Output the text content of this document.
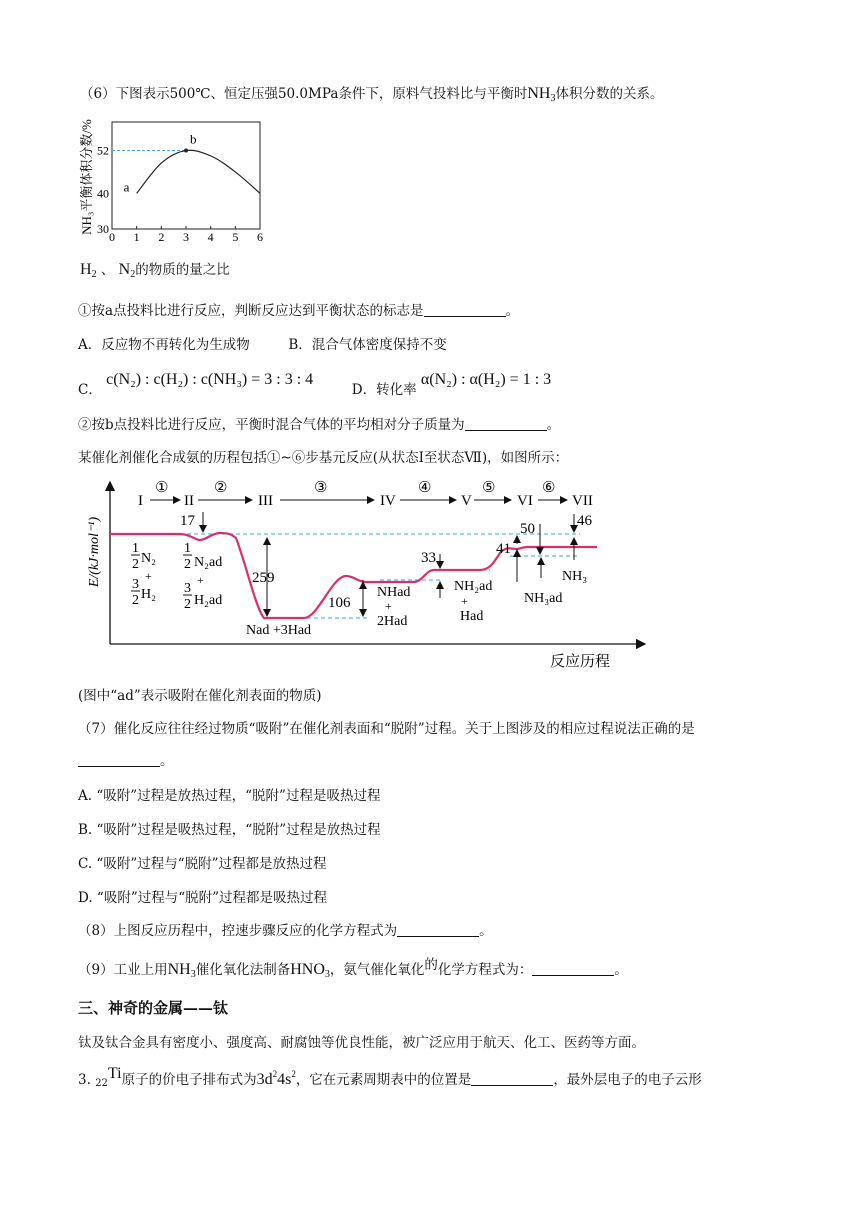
（6）下图表示500℃、恒定压强50.0MPa条件下，原料气投料比与平衡时$NH_3$体积分数的关系。
NH₃平衡体积分数/%
0 1 2 3 4 5 6
30
40
52
a
b
$H_2$ 、 $N_2$的物质的量之比
①按a点投料比进行反应，判断反应达到平衡状态的标志是	。
A．反应物不再转化为生成物	B．混合气体密度保持不变
C． c(N₂) : c(H₂) : c(NH₃) = 3 : 3 : 4  D．转化率 α(N₂) : α(H₂) = 1 : 3
②按b点投料比进行反应，平衡时混合气体的平均相对分子质量为	。
某催化剂催化合成氨的历程包括①~⑥步基元反应(从状态Ⅰ至状态Ⅶ)，如图所示：
E/(kJ·mol⁻¹)
反应历程
I	II	III	IV	V	VI	VII
①	②	③	④	⑤	⑥
17
259
106
33
41
50	46
1
2 N₂
+
3
2 H₂
1
2 N₂ad
+
3
2 H₂ad
Nad +3Had
NHad
+
2Had
NH₂ad
+
Had
NH₃ad
NH₃
(图中“ad”表示吸附在催化剂表面的物质)
（7）催化反应往往经过物质“吸附”在催化剂表面和“脱附”过程。关于上图涉及的相应过程说法正确的是
。
A. “吸附”过程是放热过程，“脱附”过程是吸热过程
B. “吸附”过程是吸热过程，“脱附”过程是放热过程
C. “吸附”过程与“脱附”过程都是放热过程
D. “吸附”过程与“脱附”过程都是吸热过程
（8）上图反应历程中，控速步骤反应的化学方程式为	。
（9）工业上用$NH_3$催化氧化法制备$HNO_3$，氨气催化氧化的化学方程式为：	。
三、神奇的金属——钛
钛及钛合金具有密度小、强度高、耐腐蚀等优良性能，被广泛应用于航天、化工、医药等方面。
3. 22Ti原子的价电子排布式为$3d^24s^2$，它在元素周期表中的位置是	，最外层电子的电子云形
